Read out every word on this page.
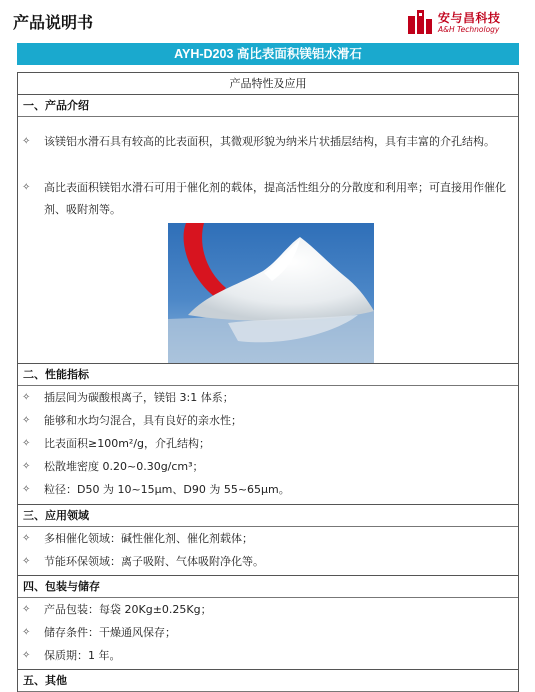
产品说明书	安与昌科技
A&H Technology
AYH-D203 高比表面积镁铝水滑石
产品特性及应用
一、产品介绍
✧ 该镁铝水滑石具有较高的比表面积，其微观形貌为纳米片状插层结构，具有丰富的介孔结构。
✧ 高比表面积镁铝水滑石可用于催化剂的载体，提高活性组分的分散度和利用率；可直接用作催化剂、吸附剂等。
二、性能指标
✧ 插层间为碳酸根离子，镁铝 3:1 体系；
✧ 能够和水均匀混合，具有良好的亲水性；
✧ 比表面积≥100m²/g，介孔结构；
✧ 松散堆密度 0.20~0.30g/cm³；
✧ 粒径：D50 为 10~15μm、D90 为 55~65μm。
三、应用领域
✧ 多相催化领域：碱性催化剂、催化剂载体；
✧ 节能环保领域：离子吸附、气体吸附净化等。
四、包装与储存
✧ 产品包装：每袋 20Kg±0.25Kg；
✧ 储存条件：干燥通风保存；
✧ 保质期：1 年。
五、其他
